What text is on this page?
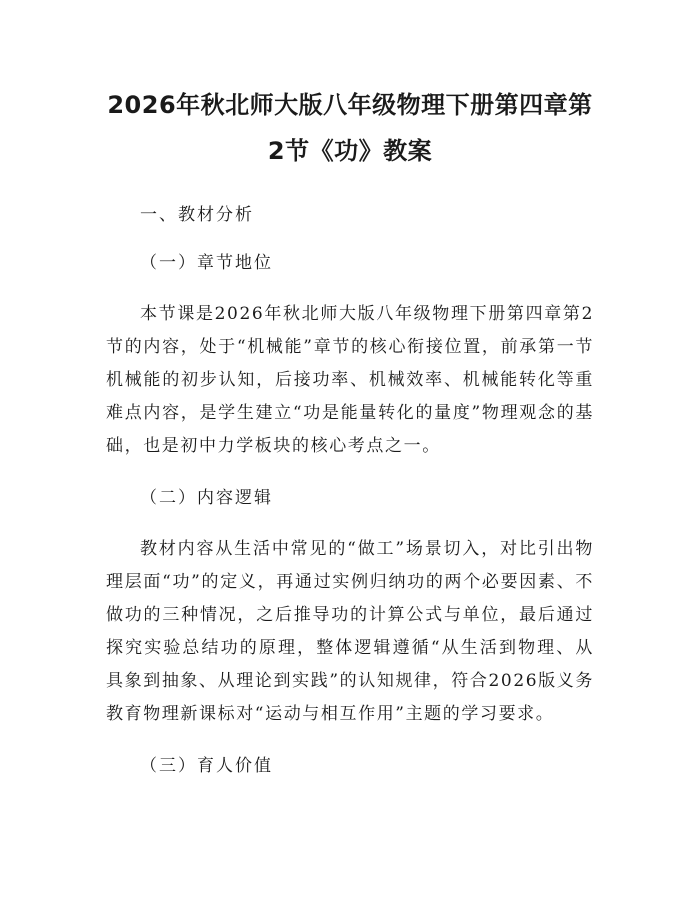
2026年秋北师大版八年级物理下册第四章第
2节《功》教案

一、教材分析

（一）章节地位

本节课是2026年秋北师大版八年级物理下册第四章第2节的内容，处于“机械能”章节的核心衔接位置，前承第一节机械能的初步认知，后接功率、机械效率、机械能转化等重难点内容，是学生建立“功是能量转化的量度”物理观念的基础，也是初中力学板块的核心考点之一。

（二）内容逻辑

教材内容从生活中常见的“做工”场景切入，对比引出物理层面“功”的定义，再通过实例归纳功的两个必要因素、不做功的三种情况，之后推导功的计算公式与单位，最后通过探究实验总结功的原理，整体逻辑遵循“从生活到物理、从具象到抽象、从理论到实践”的认知规律，符合2026版义务教育物理新课标对“运动与相互作用”主题的学习要求。

（三）育人价值
